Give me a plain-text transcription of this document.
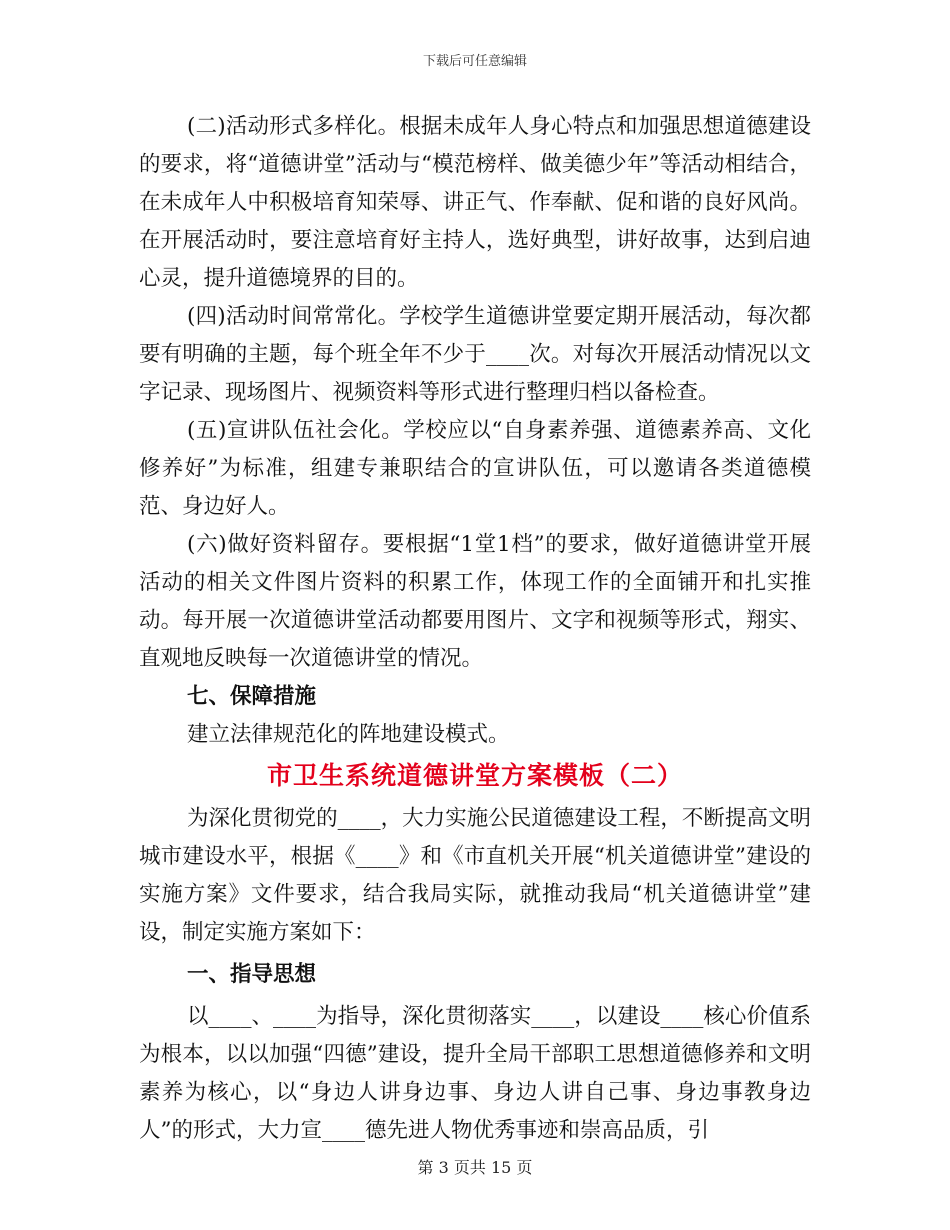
下载后可任意编辑

(二)活动形式多样化。根据未成年人身心特点和加强思想道德建设的要求，将“道德讲堂”活动与“模范榜样、做美德少年”等活动相结合，在未成年人中积极培育知荣辱、讲正气、作奉献、促和谐的良好风尚。在开展活动时，要注意培育好主持人，选好典型，讲好故事，达到启迪心灵，提升道德境界的目的。

(四)活动时间常常化。学校学生道德讲堂要定期开展活动，每次都要有明确的主题，每个班全年不少于____次。对每次开展活动情况以文字记录、现场图片、视频资料等形式进行整理归档以备检查。

(五)宣讲队伍社会化。学校应以“自身素养强、道德素养高、文化修养好”为标准，组建专兼职结合的宣讲队伍，可以邀请各类道德模范、身边好人。

(六)做好资料留存。要根据“1堂1档”的要求，做好道德讲堂开展活动的相关文件图片资料的积累工作，体现工作的全面铺开和扎实推动。每开展一次道德讲堂活动都要用图片、文字和视频等形式，翔实、直观地反映每一次道德讲堂的情况。

七、保障措施

建立法律规范化的阵地建设模式。

市卫生系统道德讲堂方案模板（二）

为深化贯彻党的____，大力实施公民道德建设工程，不断提高文明城市建设水平，根据《____》和《市直机关开展“机关道德讲堂”建设的实施方案》文件要求，结合我局实际，就推动我局“机关道德讲堂”建设，制定实施方案如下：

一、指导思想

以____、____为指导，深化贯彻落实____，以建设____核心价值系为根本，以以加强“四德”建设，提升全局干部职工思想道德修养和文明素养为核心，以“身边人讲身边事、身边人讲自己事、身边事教身边人”的形式，大力宣____德先进人物优秀事迹和崇高品质，引

第 3 页共 15 页
